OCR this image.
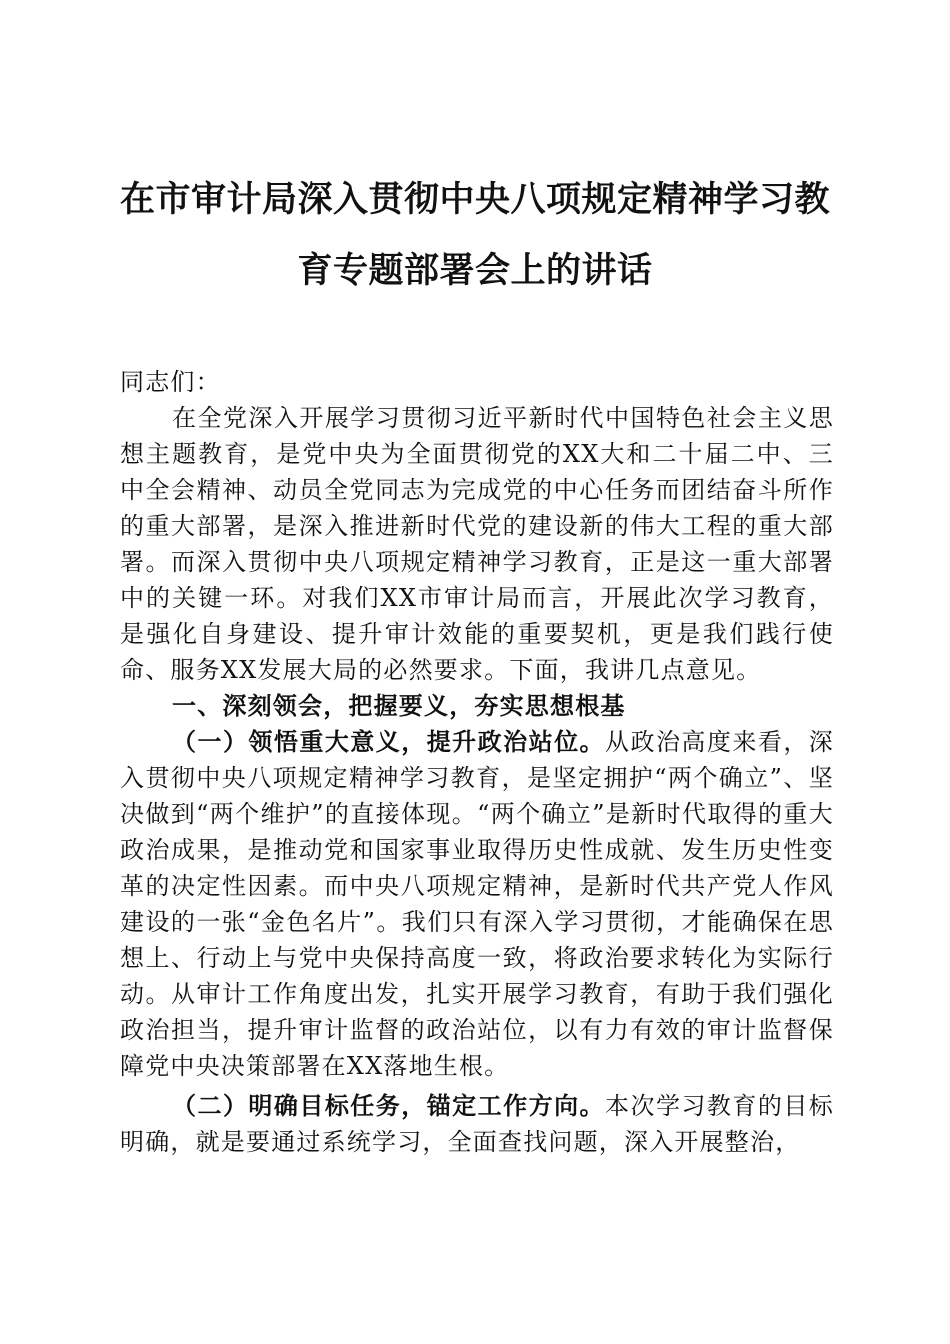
在市审计局深入贯彻中央八项规定精神学习教
育专题部署会上的讲话

同志们：

在全党深入开展学习贯彻习近平新时代中国特色社会主义思想主题教育，是党中央为全面贯彻党的XX大和二十届二中、三中全会精神、动员全党同志为完成党的中心任务而团结奋斗所作的重大部署，是深入推进新时代党的建设新的伟大工程的重大部署。而深入贯彻中央八项规定精神学习教育，正是这一重大部署中的关键一环。对我们XX市审计局而言，开展此次学习教育，是强化自身建设、提升审计效能的重要契机，更是我们践行使命、服务XX发展大局的必然要求。下面，我讲几点意见。

一、深刻领会，把握要义，夯实思想根基

（一）领悟重大意义，提升政治站位。从政治高度来看，深入贯彻中央八项规定精神学习教育，是坚定拥护“两个确立”、坚决做到“两个维护”的直接体现。“两个确立”是新时代取得的重大政治成果，是推动党和国家事业取得历史性成就、发生历史性变革的决定性因素。而中央八项规定精神，是新时代共产党人作风建设的一张“金色名片”。我们只有深入学习贯彻，才能确保在思想上、行动上与党中央保持高度一致，将政治要求转化为实际行动。从审计工作角度出发，扎实开展学习教育，有助于我们强化政治担当，提升审计监督的政治站位，以有力有效的审计监督保障党中央决策部署在XX落地生根。

（二）明确目标任务，锚定工作方向。本次学习教育的目标明确，就是要通过系统学习，全面查找问题，深入开展整治，
